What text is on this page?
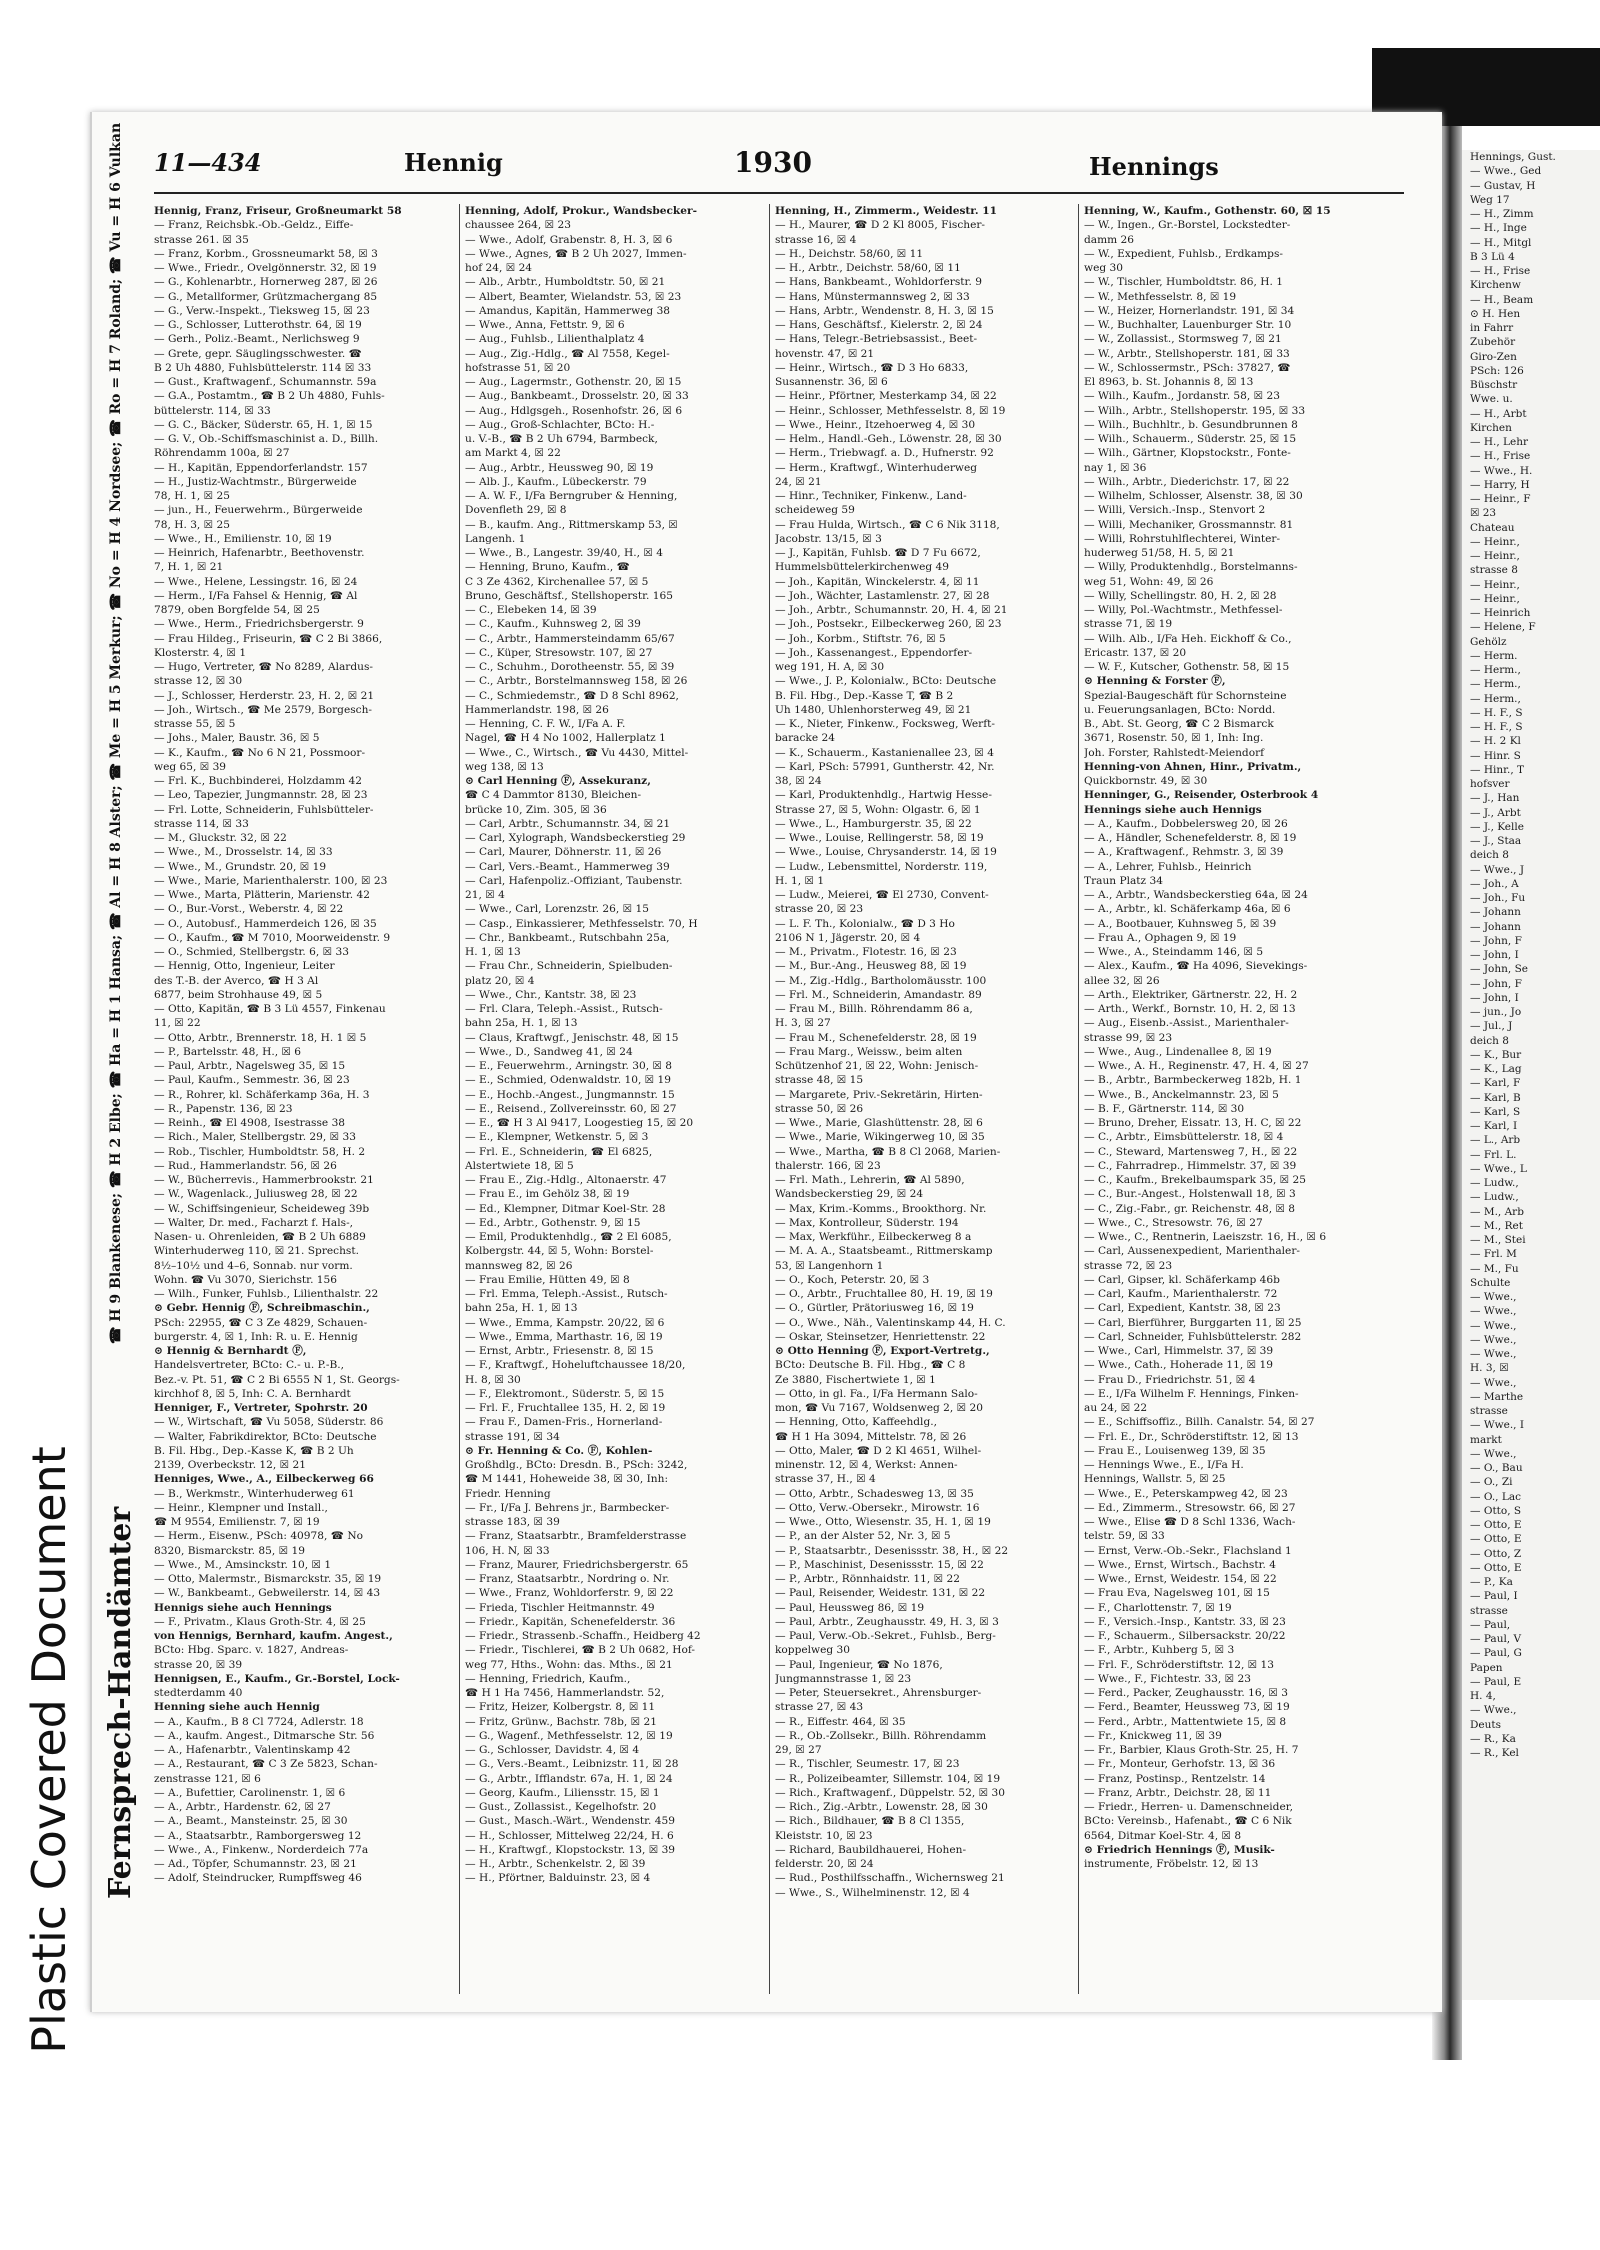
Hennings, Gust.
— Wwe., Ged
— Gustav, H
Weg 17
— H., Zimm
— H., Inge
— H., Mitgl
B 3 Lü 4
— H., Frise
Kirchenw
— H., Beam
⊙ H. Hen
in Fahrr
Zubehör
Giro-Zen
PSch: 126
Büschstr
Wwe. u.
— H., Arbt
Kirchen
— H., Lehr
— H., Frise
— Wwe., H.
— Harry, H
— Heinr., F
☒ 23
Chateau
— Heinr.,
— Heinr.,
strasse 8
— Heinr.,
— Heinr.,
— Heinrich
— Helene, F
Gehölz
— Herm.
— Herm.,
— Herm.,
— Herm.,
— H. F., S
— H. F., S
— H. 2 Kl
— Hinr. S
— Hinr., T
hofsver
— J., Han
— J., Arbt
— J., Kelle
— J., Staa
deich 8
— Wwe., J
— Joh., A
— Joh., Fu
— Johann
— Johann
— John, F
— John, I
— John, Se
— John, F
— John, I
— jun., Jo
— Jul., J
deich 8
— K., Bur
— K., Lag
— Karl, F
— Karl, B
— Karl, S
— Karl, I
— L., Arb
— Frl. L.
— Wwe., L
— Ludw.,
— Ludw.,
— M., Arb
— M., Ret
— M., Stei
— Frl. M
— M., Fu
Schulte
— Wwe.,
— Wwe.,
— Wwe.,
— Wwe.,
— Wwe.,
H. 3, ☒
— Wwe.,
— Marthe
strasse
— Wwe., I
markt
— Wwe.,
— O., Bau
— O., Zi
— O., Lac
— Otto, S
— Otto, E
— Otto, E
— Otto, Z
— Otto, E
— P., Ka
— Paul, I
strasse
— Paul,
— Paul, V
— Paul, G
Papen
— Paul, E
H. 4,
— Wwe.,
Deuts
— R., Ka
— R., Kel
Plastic Covered Document
11—434	Hennig	1930	Hennings
☎ H 9 Blankenese; ☎ H 2 Elbe; ☎ Ha = H 1 Hansa; ☎ Al = H 8 Alster; ☎ Me = H 5 Merkur; ☎ No = H 4 Nordsee; ☎ Ro = H 7 Roland; ☎ Vu = H 6 Vulkan
Fernsprech-Handämter
Hennig, Franz, Friseur, Großneumarkt 58
— Franz, Reichsbk.-Ob.-Geldz., Eiffe-
strasse 261. ☒ 35
— Franz, Korbm., Grossneumarkt 58, ☒ 3
— Wwe., Friedr., Ovelgönnerstr. 32, ☒ 19
— G., Kohlenarbtr., Hornerweg 287, ☒ 26
— G., Metallformer, Grützmachergang 85
— G., Verw.-Inspekt., Tieksweg 15, ☒ 23
— G., Schlosser, Lutterothstr. 64, ☒ 19
— Gerh., Poliz.-Beamt., Nerlichsweg 9
— Grete, gepr. Säuglingsschwester. ☎
B 2 Uh 4880, Fuhlsbüttelerstr. 114 ☒ 33
— Gust., Kraftwagenf., Schumannstr. 59a
— G.A., Postamtm., ☎ B 2 Uh 4880, Fuhls-
büttelerstr. 114, ☒ 33
— G. C., Bäcker, Süderstr. 65, H. 1, ☒ 15
— G. V., Ob.-Schiffsmaschinist a. D., Billh.
Röhrendamm 100a, ☒ 27
— H., Kapitän, Eppendorferlandstr. 157
— H., Justiz-Wachtmstr., Bürgerweide
78, H. 1, ☒ 25
— jun., H., Feuerwehrm., Bürgerweide
78, H. 3, ☒ 25
— Wwe., H., Emilienstr. 10, ☒ 19
— Heinrich, Hafenarbtr., Beethovenstr.
7, H. 1, ☒ 21
— Wwe., Helene, Lessingstr. 16, ☒ 24
— Herm., I/Fa Fahsel & Hennig, ☎ Al
7879, oben Borgfelde 54, ☒ 25
— Wwe., Herm., Friedrichsbergerstr. 9
— Frau Hildeg., Friseurin, ☎ C 2 Bi 3866,
Klosterstr. 4, ☒ 1
— Hugo, Vertreter, ☎ No 8289, Alardus-
strasse 12, ☒ 30
— J., Schlosser, Herderstr. 23, H. 2, ☒ 21
— Joh., Wirtsch., ☎ Me 2579, Borgesch-
strasse 55, ☒ 5
— Johs., Maler, Baustr. 36, ☒ 5
— K., Kaufm., ☎ No 6 N 21, Possmoor-
weg 65, ☒ 39
— Frl. K., Buchbinderei, Holzdamm 42
— Leo, Tapezier, Jungmannstr. 28, ☒ 23
— Frl. Lotte, Schneiderin, Fuhlsbütteler-
strasse 114, ☒ 33
— M., Gluckstr. 32, ☒ 22
— Wwe., M., Drosselstr. 14, ☒ 33
— Wwe., M., Grundstr. 20, ☒ 19
— Wwe., Marie, Marienthalerstr. 100, ☒ 23
— Wwe., Marta, Plätterin, Marienstr. 42
— O., Bur.-Vorst., Weberstr. 4, ☒ 22
— O., Autobusf., Hammerdeich 126, ☒ 35
— O., Kaufm., ☎ M 7010, Moorweidenstr. 9
— O., Schmied, Stellbergstr. 6, ☒ 33
— Hennig, Otto, Ingenieur, Leiter
des T.-B. der Averco, ☎ H 3 Al
6877, beim Strohhause 49, ☒ 5
— Otto, Kapitän, ☎ B 3 Lü 4557, Finkenau
11, ☒ 22
— Otto, Arbtr., Brennerstr. 18, H. 1 ☒ 5
— P., Bartelsstr. 48, H., ☒ 6
— Paul, Arbtr., Nagelsweg 35, ☒ 15
— Paul, Kaufm., Semmestr. 36, ☒ 23
— R., Rohrer, kl. Schäferkamp 36a, H. 3
— R., Papenstr. 136, ☒ 23
— Reinh., ☎ El 4908, Isestrasse 38
— Rich., Maler, Stellbergstr. 29, ☒ 33
— Rob., Tischler, Humboldtstr. 58, H. 2
— Rud., Hammerlandstr. 56, ☒ 26
— W., Bücherrevis., Hammerbrookstr. 21
— W., Wagenlack., Juliusweg 28, ☒ 22
— W., Schiffsingenieur, Scheideweg 39b
— Walter, Dr. med., Facharzt f. Hals-,
Nasen- u. Ohrenleiden, ☎ B 2 Uh 6889
Winterhuderweg 110, ☒ 21. Sprechst.
8½–10½ und 4–6, Sonnab. nur vorm.
Wohn. ☎ Vu 3070, Sierichstr. 156
— Wilh., Funker, Fuhlsb., Lilienthalstr. 22
⊙ Gebr. Hennig Ⓕ, Schreibmaschin.,
PSch: 22955, ☎ C 3 Ze 4829, Schauen-
burgerstr. 4, ☒ 1, Inh: R. u. E. Hennig
⊙ Hennig & Bernhardt Ⓕ,
Handelsvertreter, BCto: C.- u. P.-B.,
Bez.-v. Pt. 51, ☎ C 2 Bi 6555 N 1, St. Georgs-
kirchhof 8, ☒ 5, Inh: C. A. Bernhardt
Henniger, F., Vertreter, Spohrstr. 20
— W., Wirtschaft, ☎ Vu 5058, Süderstr. 86
— Walter, Fabrikdirektor, BCto: Deutsche
B. Fil. Hbg., Dep.-Kasse K, ☎ B 2 Uh
2139, Overbeckstr. 12, ☒ 21
Henniges, Wwe., A., Eilbeckerweg 66
— B., Werkmstr., Winterhuderweg 61
— Heinr., Klempner und Install.,
☎ M 9554, Emilienstr. 7, ☒ 19
— Herm., Eisenw., PSch: 40978, ☎ No
8320, Bismarckstr. 85, ☒ 19
— Wwe., M., Amsinckstr. 10, ☒ 1
— Otto, Malermstr., Bismarckstr. 35, ☒ 19
— W., Bankbeamt., Gebweilerstr. 14, ☒ 43
Hennigs siehe auch Hennings
— F., Privatm., Klaus Groth-Str. 4, ☒ 25
von Hennigs, Bernhard, kaufm. Angest.,
BCto: Hbg. Sparc. v. 1827, Andreas-
strasse 20, ☒ 39
Hennigsen, E., Kaufm., Gr.-Borstel, Lock-
stedterdamm 40
Henning siehe auch Hennig
— A., Kaufm., B 8 Cl 7724, Adlerstr. 18
— A., kaufm. Angest., Ditmarsche Str. 56
— A., Hafenarbtr., Valentinskamp 42
— A., Restaurant, ☎ C 3 Ze 5823, Schan-
zenstrasse 121, ☒ 6
— A., Bufettier, Carolinenstr. 1, ☒ 6
— A., Arbtr., Hardenstr. 62, ☒ 27
— A., Beamt., Mansteinstr. 25, ☒ 30
— A., Staatsarbtr., Ramborgersweg 12
— Wwe., A., Finkenw., Norderdeich 77a
— Ad., Töpfer, Schumannstr. 23, ☒ 21
— Adolf, Steindrucker, Rumpffsweg 46
Henning, Adolf, Prokur., Wandsbecker-
chaussee 264, ☒ 23
— Wwe., Adolf, Grabenstr. 8, H. 3, ☒ 6
— Wwe., Agnes, ☎ B 2 Uh 2027, Immen-
hof 24, ☒ 24
— Alb., Arbtr., Humboldtstr. 50, ☒ 21
— Albert, Beamter, Wielandstr. 53, ☒ 23
— Amandus, Kapitän, Hammerweg 38
— Wwe., Anna, Fettstr. 9, ☒ 6
— Aug., Fuhlsb., Lilienthalplatz 4
— Aug., Zig.-Hdlg., ☎ Al 7558, Kegel-
hofstrasse 51, ☒ 20
— Aug., Lagermstr., Gothenstr. 20, ☒ 15
— Aug., Bankbeamt., Drosselstr. 20, ☒ 33
— Aug., Hdlgsgeh., Rosenhofstr. 26, ☒ 6
— Aug., Groß-Schlachter, BCto: H.-
u. V.-B., ☎ B 2 Uh 6794, Barmbeck,
am Markt 4, ☒ 22
— Aug., Arbtr., Heussweg 90, ☒ 19
— Alb. J., Kaufm., Lübeckerstr. 79
— A. W. F., I/Fa Berngruber & Henning,
Dovenfleth 29, ☒ 8
— B., kaufm. Ang., Rittmerskamp 53, ☒
Langenh. 1
— Wwe., B., Langestr. 39/40, H., ☒ 4
— Henning, Bruno, Kaufm., ☎
C 3 Ze 4362, Kirchenallee 57, ☒ 5
Bruno, Geschäftsf., Stellshoperstr. 165
— C., Elebeken 14, ☒ 39
— C., Kaufm., Kuhnsweg 2, ☒ 39
— C., Arbtr., Hammersteindamm 65/67
— C., Küper, Stresowstr. 107, ☒ 27
— C., Schuhm., Dorotheenstr. 55, ☒ 39
— C., Arbtr., Borstelmannsweg 158, ☒ 26
— C., Schmiedemstr., ☎ D 8 Schl 8962,
Hammerlandstr. 198, ☒ 26
— Henning, C. F. W., I/Fa A. F.
Nagel, ☎ H 4 No 1002, Hallerplatz 1
— Wwe., C., Wirtsch., ☎ Vu 4430, Mittel-
weg 138, ☒ 13
⊙ Carl Henning Ⓕ, Assekuranz,
☎ C 4 Dammtor 8130, Bleichen-
brücke 10, Zim. 305, ☒ 36
— Carl, Arbtr., Schumannstr. 34, ☒ 21
— Carl, Xylograph, Wandsbeckerstieg 29
— Carl, Maurer, Döhnerstr. 11, ☒ 26
— Carl, Vers.-Beamt., Hammerweg 39
— Carl, Hafenpoliz.-Offiziant, Taubenstr.
21, ☒ 4
— Wwe., Carl, Lorenzstr. 26, ☒ 15
— Casp., Einkassierer, Methfesselstr. 70, H
— Chr., Bankbeamt., Rutschbahn 25a,
H. 1, ☒ 13
— Frau Chr., Schneiderin, Spielbuden-
platz 20, ☒ 4
— Wwe., Chr., Kantstr. 38, ☒ 23
— Frl. Clara, Teleph.-Assist., Rutsch-
bahn 25a, H. 1, ☒ 13
— Claus, Kraftwgf., Jenischstr. 48, ☒ 15
— Wwe., D., Sandweg 41, ☒ 24
— E., Feuerwehrm., Arningstr. 30, ☒ 8
— E., Schmied, Odenwaldstr. 10, ☒ 19
— E., Hochb.-Angest., Jungmannstr. 15
— E., Reisend., Zollvereinsstr. 60, ☒ 27
— E., ☎ H 3 Al 9417, Loogestieg 15, ☒ 20
— E., Klempner, Wetkenstr. 5, ☒ 3
— Frl. E., Schneiderin, ☎ El 6825,
Alstertwiete 18, ☒ 5
— Frau E., Zig.-Hdlg., Altonaerstr. 47
— Frau E., im Gehölz 38, ☒ 19
— Ed., Klempner, Ditmar Koel-Str. 28
— Ed., Arbtr., Gothenstr. 9, ☒ 15
— Emil, Produktenhdlg., ☎ 2 El 6085,
Kolbergstr. 44, ☒ 5, Wohn: Borstel-
mannsweg 82, ☒ 26
— Frau Emilie, Hütten 49, ☒ 8
— Frl. Emma, Teleph.-Assist., Rutsch-
bahn 25a, H. 1, ☒ 13
— Wwe., Emma, Kampstr. 20/22, ☒ 6
— Wwe., Emma, Marthastr. 16, ☒ 19
— Ernst, Arbtr., Friesenstr. 8, ☒ 15
— F., Kraftwgf., Hoheluftchaussee 18/20,
H. 8, ☒ 30
— F., Elektromont., Süderstr. 5, ☒ 15
— Frl. F., Fruchtallee 135, H. 2, ☒ 19
— Frau F., Damen-Fris., Hornerland-
strasse 191, ☒ 34
⊙ Fr. Henning & Co. Ⓕ, Kohlen-
Großhdlg., BCto: Dresdn. B., PSch: 3242,
☎ M 1441, Hoheweide 38, ☒ 30, Inh:
Friedr. Henning
— Fr., I/Fa J. Behrens jr., Barmbecker-
strasse 183, ☒ 39
— Franz, Staatsarbtr., Bramfelderstrasse
106, H. N, ☒ 33
— Franz, Maurer, Friedrichsbergerstr. 65
— Franz, Staatsarbtr., Nordring o. Nr.
— Wwe., Franz, Wohldorferstr. 9, ☒ 22
— Frieda, Tischler Heitmannstr. 49
— Friedr., Kapitän, Schenefelderstr. 36
— Friedr., Strassenb.-Schaffn., Heidberg 42
— Friedr., Tischlerei, ☎ B 2 Uh 0682, Hof-
weg 77, Hths., Wohn: das. Mths., ☒ 21
— Henning, Friedrich, Kaufm.,
☎ H 1 Ha 7456, Hammerlandstr. 52,
— Fritz, Heizer, Kolbergstr. 8, ☒ 11
— Fritz, Grünw., Bachstr. 78b, ☒ 21
— G., Wagenf., Methfesselstr. 12, ☒ 19
— G., Schlosser, Davidstr. 4, ☒ 4
— G., Vers.-Beamt., Leibnizstr. 11, ☒ 28
— G., Arbtr., Ifflandstr. 67a, H. 1, ☒ 24
— Georg, Kaufm., Liliensstr. 15, ☒ 1
— Gust., Zollassist., Kegelhofstr. 20
— Gust., Masch.-Wärt., Wendenstr. 459
— H., Schlosser, Mittelweg 22/24, H. 6
— H., Kraftwgf., Klopstockstr. 13, ☒ 39
— H., Arbtr., Schenkelstr. 2, ☒ 39
— H., Pförtner, Balduinstr. 23, ☒ 4
Henning, H., Zimmerm., Weidestr. 11
— H., Maurer, ☎ D 2 Kl 8005, Fischer-
strasse 16, ☒ 4
— H., Deichstr. 58/60, ☒ 11
— H., Arbtr., Deichstr. 58/60, ☒ 11
— Hans, Bankbeamt., Wohldorferstr. 9
— Hans, Münstermannsweg 2, ☒ 33
— Hans, Arbtr., Wendenstr. 8, H. 3, ☒ 15
— Hans, Geschäftsf., Kielerstr. 2, ☒ 24
— Hans, Telegr.-Betriebsassist., Beet-
hovenstr. 47, ☒ 21
— Heinr., Wirtsch., ☎ D 3 Ho 6833,
Susannenstr. 36, ☒ 6
— Heinr., Pförtner, Mesterkamp 34, ☒ 22
— Heinr., Schlosser, Methfesselstr. 8, ☒ 19
— Wwe., Heinr., Itzehoerweg 4, ☒ 30
— Helm., Handl.-Geh., Löwenstr. 28, ☒ 30
— Herm., Triebwagf. a. D., Hufnerstr. 92
— Herm., Kraftwgf., Winterhuderweg
24, ☒ 21
— Hinr., Techniker, Finkenw., Land-
scheideweg 59
— Frau Hulda, Wirtsch., ☎ C 6 Nik 3118,
Jacobstr. 13/15, ☒ 3
— J., Kapitän, Fuhlsb. ☎ D 7 Fu 6672,
Hummelsbüttelerkirchenweg 49
— Joh., Kapitän, Winckelerstr. 4, ☒ 11
— Joh., Wächter, Lastamlenstr. 27, ☒ 28
— Joh., Arbtr., Schumannstr. 20, H. 4, ☒ 21
— Joh., Postsekr., Eilbeckerweg 260, ☒ 23
— Joh., Korbm., Stiftstr. 76, ☒ 5
— Joh., Kassenangest., Eppendorfer-
weg 191, H. A, ☒ 30
— Wwe., J. P., Kolonialw., BCto: Deutsche
B. Fil. Hbg., Dep.-Kasse T, ☎ B 2
Uh 1480, Uhlenhorsterweg 49, ☒ 21
— K., Nieter, Finkenw., Focksweg, Werft-
baracke 24
— K., Schauerm., Kastanienallee 23, ☒ 4
— Karl, PSch: 57991, Guntherstr. 42, Nr.
38, ☒ 24
— Karl, Produktenhdlg., Hartwig Hesse-
Strasse 27, ☒ 5, Wohn: Olgastr. 6, ☒ 1
— Wwe., L., Hamburgerstr. 35, ☒ 22
— Wwe., Louise, Rellingerstr. 58, ☒ 19
— Wwe., Louise, Chrysanderstr. 14, ☒ 19
— Ludw., Lebensmittel, Norderstr. 119,
H. 1, ☒ 1
— Ludw., Meierei, ☎ El 2730, Convent-
strasse 20, ☒ 23
— L. F. Th., Kolonialw., ☎ D 3 Ho
2106 N 1, Jägerstr. 20, ☒ 4
— M., Privatm., Flotestr. 16, ☒ 23
— M., Bur.-Ang., Heusweg 88, ☒ 19
— M., Zig.-Hdlg., Bartholomäusstr. 100
— Frl. M., Schneiderin, Amandastr. 89
— Frau M., Billh. Röhrendamm 86 a,
H. 3, ☒ 27
— Frau M., Schenefelderstr. 28, ☒ 19
— Frau Marg., Weissw., beim alten
Schützenhof 21, ☒ 22, Wohn: Jenisch-
strasse 48, ☒ 15
— Margarete, Priv.-Sekretärin, Hirten-
strasse 50, ☒ 26
— Wwe., Marie, Glashüttenstr. 28, ☒ 6
— Wwe., Marie, Wikingerweg 10, ☒ 35
— Wwe., Martha, ☎ B 8 Cl 2068, Marien-
thalerstr. 166, ☒ 23
— Frl. Math., Lehrerin, ☎ Al 5890,
Wandsbeckerstieg 29, ☒ 24
— Max, Krim.-Komms., Brookthorg. Nr.
— Max, Kontrolleur, Süderstr. 194
— Max, Werkführ., Eilbeckerweg 8 a
— M. A. A., Staatsbeamt., Rittmerskamp
53, ☒ Langenhorn 1
— O., Koch, Peterstr. 20, ☒ 3
— O., Arbtr., Fruchtallee 80, H. 19, ☒ 19
— O., Gürtler, Prätoriusweg 16, ☒ 19
— O., Wwe., Näh., Valentinskamp 44, H. C.
— Oskar, Steinsetzer, Henriettenstr. 22
⊙ Otto Henning Ⓕ, Export-Vertretg.,
BCto: Deutsche B. Fil. Hbg., ☎ C 8
Ze 3880, Fischertwiete 1, ☒ 1
— Otto, in gl. Fa., I/Fa Hermann Salo-
mon, ☎ Vu 7167, Woldsenweg 2, ☒ 20
— Henning, Otto, Kaffeehdlg.,
☎ H 1 Ha 3094, Mittelstr. 78, ☒ 26
— Otto, Maler, ☎ D 2 Kl 4651, Wilhel-
minenstr. 12, ☒ 4, Werkst: Annen-
strasse 37, H., ☒ 4
— Otto, Arbtr., Schadesweg 13, ☒ 35
— Otto, Verw.-Obersekr., Mirowstr. 16
— Wwe., Otto, Wiesenstr. 35, H. 1, ☒ 19
— P., an der Alster 52, Nr. 3, ☒ 5
— P., Staatsarbtr., Desenissstr. 38, H., ☒ 22
— P., Maschinist, Desenissstr. 15, ☒ 22
— P., Arbtr., Rönnhaidstr. 11, ☒ 22
— Paul, Reisender, Weidestr. 131, ☒ 22
— Paul, Heussweg 86, ☒ 19
— Paul, Arbtr., Zeughausstr. 49, H. 3, ☒ 3
— Paul, Verw.-Ob.-Sekret., Fuhlsb., Berg-
koppelweg 30
— Paul, Ingenieur, ☎ No 1876,
Jungmannstrasse 1, ☒ 23
— Peter, Steuersekret., Ahrensburger-
strasse 27, ☒ 43
— R., Eiffestr. 464, ☒ 35
— R., Ob.-Zollsekr., Billh. Röhrendamm
29, ☒ 27
— R., Tischler, Seumestr. 17, ☒ 23
— R., Polizeibeamter, Sillemstr. 104, ☒ 19
— Rich., Kraftwagenf., Düppelstr. 52, ☒ 30
— Rich., Zig.-Arbtr., Lowenstr. 28, ☒ 30
— Rich., Bildhauer, ☎ B 8 Cl 1355,
Kleiststr. 10, ☒ 23
— Richard, Baubildhauerei, Hohen-
felderstr. 20, ☒ 24
— Rud., Posthilfsschaffn., Wichernsweg 21
— Wwe., S., Wilhelminenstr. 12, ☒ 4
Henning, W., Kaufm., Gothenstr. 60, ☒ 15
— W., Ingen., Gr.-Borstel, Lockstedter-
damm 26
— W., Expedient, Fuhlsb., Erdkamps-
weg 30
— W., Tischler, Humboldtstr. 86, H. 1
— W., Methfesselstr. 8, ☒ 19
— W., Heizer, Hornerlandstr. 191, ☒ 34
— W., Buchhalter, Lauenburger Str. 10
— W., Zollassist., Stormsweg 7, ☒ 21
— W., Arbtr., Stellshoperstr. 181, ☒ 33
— W., Schlossermstr., PSch: 37827, ☎
El 8963, b. St. Johannis 8, ☒ 13
— Wilh., Kaufm., Jordanstr. 58, ☒ 23
— Wilh., Arbtr., Stellshoperstr. 195, ☒ 33
— Wilh., Buchhltr., b. Gesundbrunnen 8
— Wilh., Schauerm., Süderstr. 25, ☒ 15
— Wilh., Gärtner, Klopstockstr., Fonte-
nay 1, ☒ 36
— Wilh., Arbtr., Diederichstr. 17, ☒ 22
— Wilhelm, Schlosser, Alsenstr. 38, ☒ 30
— Willi, Versich.-Insp., Stenvort 2
— Willi, Mechaniker, Grossmannstr. 81
— Willi, Rohrstuhlflechterei, Winter-
huderweg 51/58, H. 5, ☒ 21
— Willy, Produktenhdlg., Borstelmanns-
weg 51, Wohn: 49, ☒ 26
— Willy, Schellingstr. 80, H. 2, ☒ 28
— Willy, Pol.-Wachtmstr., Methfessel-
strasse 71, ☒ 19
— Wilh. Alb., I/Fa Heh. Eickhoff & Co.,
Ericastr. 137, ☒ 20
— W. F., Kutscher, Gothenstr. 58, ☒ 15
⊙ Henning & Forster Ⓕ,
Spezial-Baugeschäft für Schornsteine
u. Feuerungsanlagen, BCto: Nordd.
B., Abt. St. Georg, ☎ C 2 Bismarck
3671, Rosenstr. 50, ☒ 1, Inh: Ing.
Joh. Forster, Rahlstedt-Meiendorf
Henning-von Ahnen, Hinr., Privatm.,
Quickbornstr. 49, ☒ 30
Henninger, G., Reisender, Osterbrook 4
Hennings siehe auch Hennigs
— A., Kaufm., Dobbelersweg 20, ☒ 26
— A., Händler, Schenefelderstr. 8, ☒ 19
— A., Kraftwagenf., Rehmstr. 3, ☒ 39
— A., Lehrer, Fuhlsb., Heinrich
Traun Platz 34
— A., Arbtr., Wandsbeckerstieg 64a, ☒ 24
— A., Arbtr., kl. Schäferkamp 46a, ☒ 6
— A., Bootbauer, Kuhnsweg 5, ☒ 39
— Frau A., Ophagen 9, ☒ 19
— Wwe., A., Steindamm 146, ☒ 5
— Alex., Kaufm., ☎ Ha 4096, Sievekings-
allee 32, ☒ 26
— Arth., Elektriker, Gärtnerstr. 22, H. 2
— Arth., Werkf., Bornstr. 10, H. 2, ☒ 13
— Aug., Eisenb.-Assist., Marienthaler-
strasse 99, ☒ 23
— Wwe., Aug., Lindenallee 8, ☒ 19
— Wwe., A. H., Reginenstr. 47, H. 4, ☒ 27
— B., Arbtr., Barmbeckerweg 182b, H. 1
— Wwe., B., Anckelmannstr. 23, ☒ 5
— B. F., Gärtnerstr. 114, ☒ 30
— Bruno, Dreher, Eissatr. 13, H. C, ☒ 22
— C., Arbtr., Eimsbüttelerstr. 18, ☒ 4
— C., Steward, Martensweg 7, H., ☒ 22
— C., Fahrradrep., Himmelstr. 37, ☒ 39
— C., Kaufm., Brekelbaumspark 35, ☒ 25
— C., Bur.-Angest., Holstenwall 18, ☒ 3
— C., Zig.-Fabr., gr. Reichenstr. 48, ☒ 8
— Wwe., C., Stresowstr. 76, ☒ 27
— Wwe., C., Rentnerin, Laeiszstr. 16, H., ☒ 6
— Carl, Aussenexpedient, Marienthaler-
strasse 72, ☒ 23
— Carl, Gipser, kl. Schäferkamp 46b
— Carl, Kaufm., Marienthalerstr. 72
— Carl, Expedient, Kantstr. 38, ☒ 23
— Carl, Bierführer, Burggarten 11, ☒ 25
— Carl, Schneider, Fuhlsbüttelerstr. 282
— Wwe., Carl, Himmelstr. 37, ☒ 39
— Wwe., Cath., Hoherade 11, ☒ 19
— Frau D., Friedrichstr. 51, ☒ 4
— E., I/Fa Wilhelm F. Hennings, Finken-
au 24, ☒ 22
— E., Schiffsoffiz., Billh. Canalstr. 54, ☒ 27
— Frl. E., Dr., Schröderstiftstr. 12, ☒ 13
— Frau E., Louisenweg 139, ☒ 35
— Hennings Wwe., E., I/Fa H.
Hennings, Wallstr. 5, ☒ 25
— Wwe., E., Peterskampweg 42, ☒ 23
— Ed., Zimmerm., Stresowstr. 66, ☒ 27
— Wwe., Elise ☎ D 8 Schl 1336, Wach-
telstr. 59, ☒ 33
— Ernst, Verw.-Ob.-Sekr., Flachsland 1
— Wwe., Ernst, Wirtsch., Bachstr. 4
— Wwe., Ernst, Weidestr. 154, ☒ 22
— Frau Eva, Nagelsweg 101, ☒ 15
— F., Charlottenstr. 7, ☒ 19
— F., Versich.-Insp., Kantstr. 33, ☒ 23
— F., Schauerm., Silbersackstr. 20/22
— F., Arbtr., Kuhberg 5, ☒ 3
— Frl. F., Schröderstiftstr. 12, ☒ 13
— Wwe., F., Fichtestr. 33, ☒ 23
— Ferd., Packer, Zeughausstr. 16, ☒ 3
— Ferd., Beamter, Heussweg 73, ☒ 19
— Ferd., Arbtr., Mattentwiete 15, ☒ 8
— Fr., Knickweg 11, ☒ 39
— Fr., Barbier, Klaus Groth-Str. 25, H. 7
— Fr., Monteur, Gerhofstr. 13, ☒ 36
— Franz, Postinsp., Rentzelstr. 14
— Franz, Arbtr., Deichstr. 28, ☒ 11
— Friedr., Herren- u. Damenschneider,
BCto: Vereinsb., Hafenabt., ☎ C 6 Nik
6564, Ditmar Koel-Str. 4, ☒ 8
⊙ Friedrich Hennings Ⓕ, Musik-
instrumente, Fröbelstr. 12, ☒ 13
